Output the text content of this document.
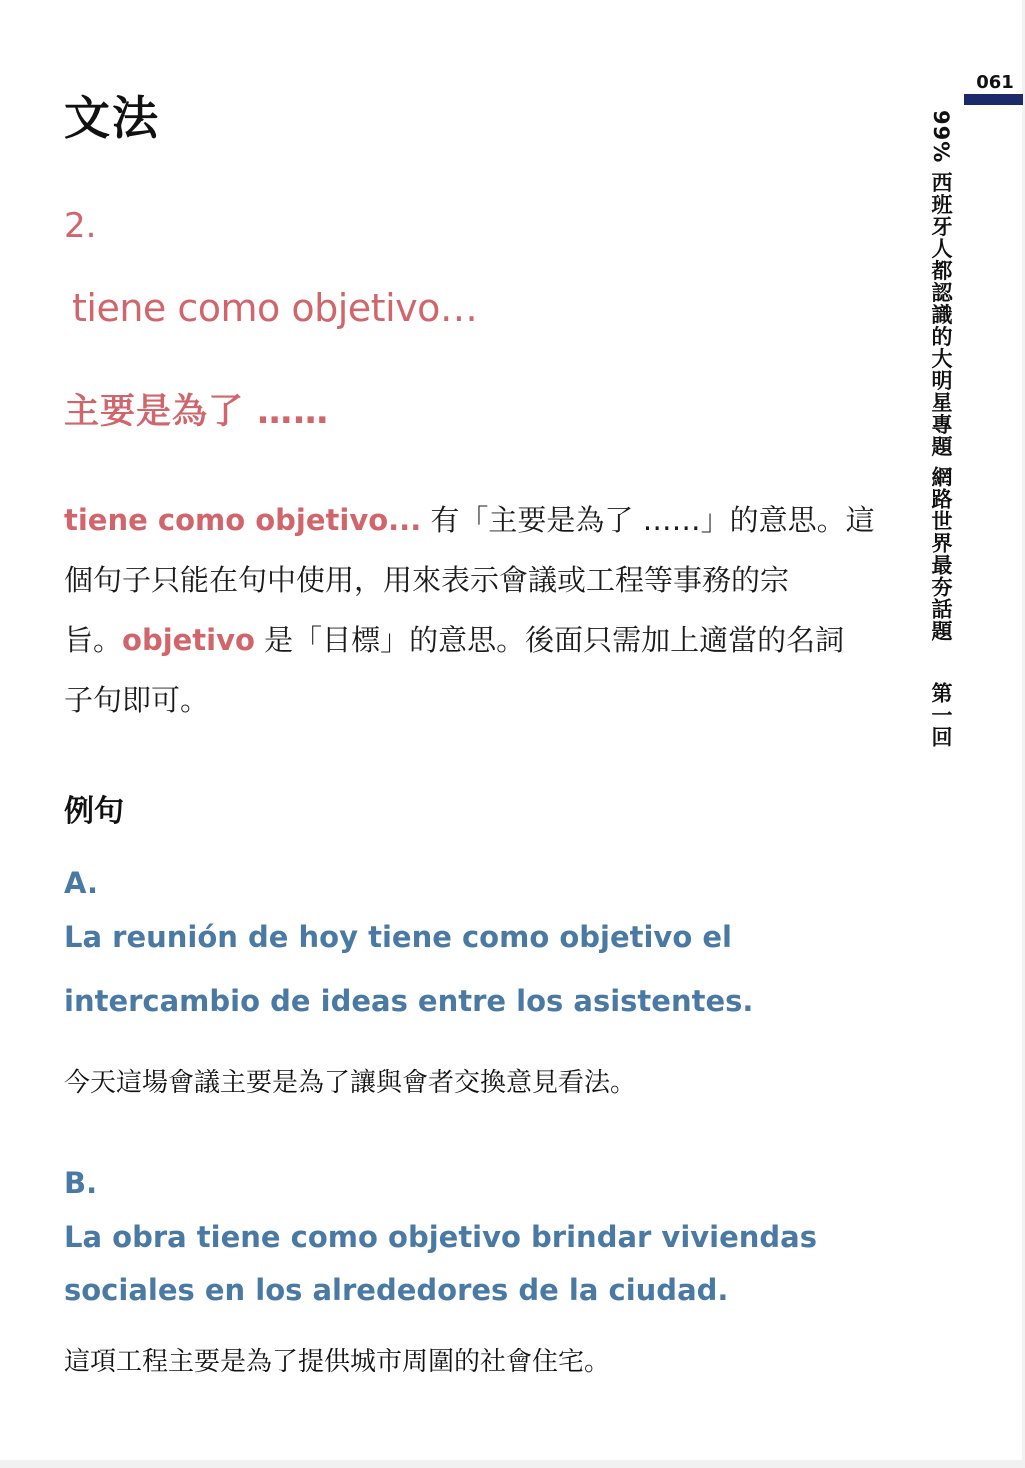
061
99% 西班牙人都認識的大明星專題 網路世界最夯話題第一回
文法
2.
tiene como objetivo…
主要是為了 ……

tiene como objetivo... 有「主要是為了 ……」的意思。這

個句子只能在句中使用，用來表示會議或工程等事務的宗

旨。objetivo 是「目標」的意思。後面只需加上適當的名詞

子句即可。

例句
A.
La reunión de hoy tiene como objetivo el
intercambio de ideas entre los asistentes.
今天這場會議主要是為了讓與會者交換意見看法。
B.
La obra tiene como objetivo brindar viviendas
sociales en los alrededores de la ciudad.
這項工程主要是為了提供城市周圍的社會住宅。
